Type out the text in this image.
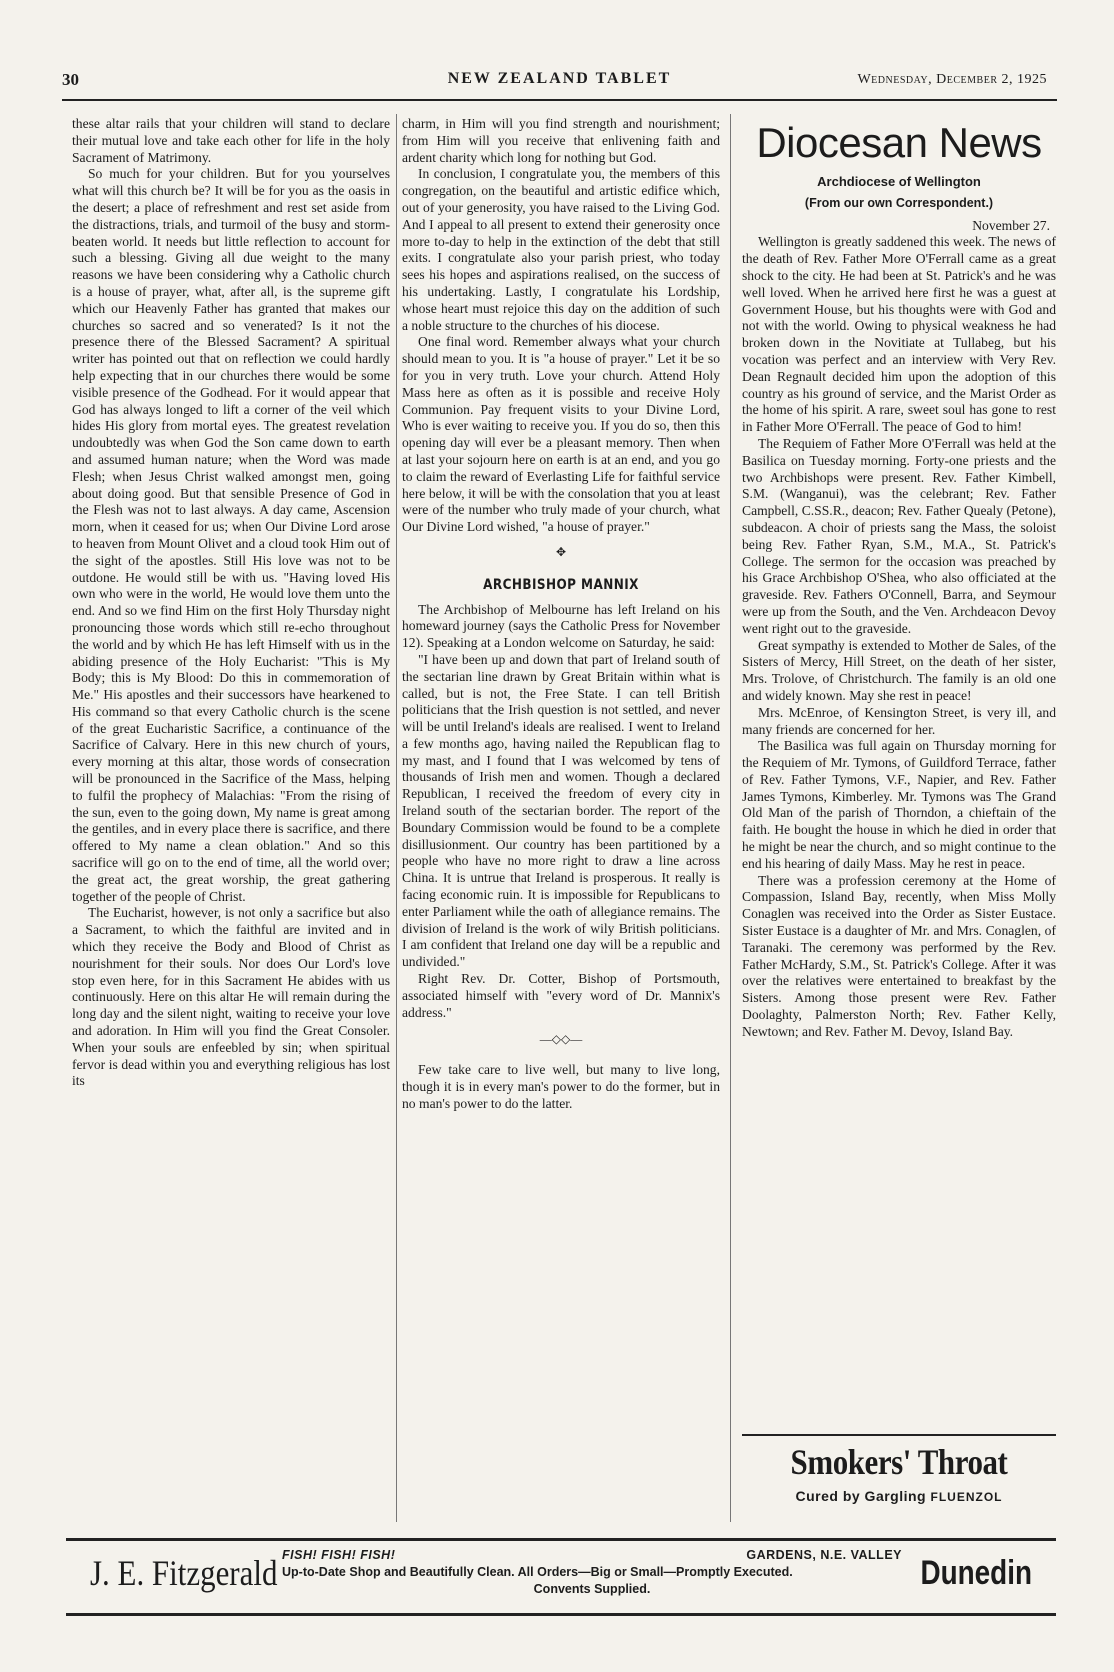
30	NEW ZEALAND TABLET	Wednesday, December 2, 1925

these altar rails that your children will stand to declare their mutual love and take each other for life in the holy Sacrament of Matrimony.

So much for your children. But for you yourselves what will this church be? It will be for you as the oasis in the desert; a place of refreshment and rest set aside from the distractions, trials, and turmoil of the busy and storm-beaten world. It needs but little reflection to account for such a blessing. Giving all due weight to the many reasons we have been considering why a Catholic church is a house of prayer, what, after all, is the supreme gift which our Heavenly Father has granted that makes our churches so sacred and so venerated? Is it not the presence there of the Blessed Sacrament? A spiritual writer has pointed out that on reflection we could hardly help expecting that in our churches there would be some visible presence of the Godhead. For it would appear that God has always longed to lift a corner of the veil which hides His glory from mortal eyes. The greatest revelation undoubtedly was when God the Son came down to earth and assumed human nature; when the Word was made Flesh; when Jesus Christ walked amongst men, going about doing good. But that sensible Presence of God in the Flesh was not to last always. A day came, Ascension morn, when it ceased for us; when Our Divine Lord arose to heaven from Mount Olivet and a cloud took Him out of the sight of the apostles. Still His love was not to be outdone. He would still be with us. "Having loved His own who were in the world, He would love them unto the end. And so we find Him on the first Holy Thursday night pronouncing those words which still re-echo throughout the world and by which He has left Himself with us in the abiding presence of the Holy Eucharist: "This is My Body; this is My Blood: Do this in commemoration of Me." His apostles and their successors have hearkened to His command so that every Catholic church is the scene of the great Eucharistic Sacrifice, a continuance of the Sacrifice of Calvary. Here in this new church of yours, every morning at this altar, those words of consecration will be pronounced in the Sacrifice of the Mass, helping to fulfil the prophecy of Malachias: "From the rising of the sun, even to the going down, My name is great among the gentiles, and in every place there is sacrifice, and there offered to My name a clean oblation." And so this sacrifice will go on to the end of time, all the world over; the great act, the great worship, the great gathering together of the people of Christ.

The Eucharist, however, is not only a sacrifice but also a Sacrament, to which the faithful are invited and in which they receive the Body and Blood of Christ as nourishment for their souls. Nor does Our Lord's love stop even here, for in this Sacrament He abides with us continuously. Here on this altar He will remain during the long day and the silent night, waiting to receive your love and adoration. In Him will you find the Great Consoler. When your souls are enfeebled by sin; when spiritual fervor is dead within you and everything religious has lost its

charm, in Him will you find strength and nourishment; from Him will you receive that enlivening faith and ardent charity which long for nothing but God.

In conclusion, I congratulate you, the members of this congregation, on the beautiful and artistic edifice which, out of your generosity, you have raised to the Living God. And I appeal to all present to extend their generosity once more to-day to help in the extinction of the debt that still exits. I congratulate also your parish priest, who today sees his hopes and aspirations realised, on the success of his undertaking. Lastly, I congratulate his Lordship, whose heart must rejoice this day on the addition of such a noble structure to the churches of his diocese.

One final word. Remember always what your church should mean to you. It is "a house of prayer." Let it be so for you in very truth. Love your church. Attend Holy Mass here as often as it is possible and receive Holy Communion. Pay frequent visits to your Divine Lord, Who is ever waiting to receive you. If you do so, then this opening day will ever be a pleasant memory. Then when at last your sojourn here on earth is at an end, and you go to claim the reward of Everlasting Life for faithful service here below, it will be with the consolation that you at least were of the number who truly made of your church, what Our Divine Lord wished, "a house of prayer."

✥
ARCHBISHOP MANNIX

The Archbishop of Melbourne has left Ireland on his homeward journey (says the Catholic Press for November 12). Speaking at a London welcome on Saturday, he said:

"I have been up and down that part of Ireland south of the sectarian line drawn by Great Britain within what is called, but is not, the Free State. I can tell British politicians that the Irish question is not settled, and never will be until Ireland's ideals are realised. I went to Ireland a few months ago, having nailed the Republican flag to my mast, and I found that I was welcomed by tens of thousands of Irish men and women. Though a declared Republican, I received the freedom of every city in Ireland south of the sectarian border. The report of the Boundary Commission would be found to be a complete disillusionment. Our country has been partitioned by a people who have no more right to draw a line across China. It is untrue that Ireland is prosperous. It really is facing economic ruin. It is impossible for Republicans to enter Parliament while the oath of allegiance remains. The division of Ireland is the work of wily British politicians. I am confident that Ireland one day will be a republic and undivided."

Right Rev. Dr. Cotter, Bishop of Portsmouth, associated himself with "every word of Dr. Mannix's address."

—◇◇—

Few take care to live well, but many to live long, though it is in every man's power to do the former, but in no man's power to do the latter.

Diocesan News
Archdiocese of Wellington
(From our own Correspondent.)
November 27.

Wellington is greatly saddened this week. The news of the death of Rev. Father More O'Ferrall came as a great shock to the city. He had been at St. Patrick's and he was well loved. When he arrived here first he was a guest at Government House, but his thoughts were with God and not with the world. Owing to physical weakness he had broken down in the Novitiate at Tullabeg, but his vocation was perfect and an interview with Very Rev. Dean Regnault decided him upon the adoption of this country as his ground of service, and the Marist Order as the home of his spirit. A rare, sweet soul has gone to rest in Father More O'Ferrall. The peace of God to him!

The Requiem of Father More O'Ferrall was held at the Basilica on Tuesday morning. Forty-one priests and the two Archbishops were present. Rev. Father Kimbell, S.M. (Wanganui), was the celebrant; Rev. Father Campbell, C.SS.R., deacon; Rev. Father Quealy (Petone), subdeacon. A choir of priests sang the Mass, the soloist being Rev. Father Ryan, S.M., M.A., St. Patrick's College. The sermon for the occasion was preached by his Grace Archbishop O'Shea, who also officiated at the graveside. Rev. Fathers O'Connell, Barra, and Seymour were up from the South, and the Ven. Archdeacon Devoy went right out to the graveside.

Great sympathy is extended to Mother de Sales, of the Sisters of Mercy, Hill Street, on the death of her sister, Mrs. Trolove, of Christchurch. The family is an old one and widely known. May she rest in peace!

Mrs. McEnroe, of Kensington Street, is very ill, and many friends are concerned for her.

The Basilica was full again on Thursday morning for the Requiem of Mr. Tymons, of Guildford Terrace, father of Rev. Father Tymons, V.F., Napier, and Rev. Father James Tymons, Kimberley. Mr. Tymons was The Grand Old Man of the parish of Thorndon, a chieftain of the faith. He bought the house in which he died in order that he might be near the church, and so might continue to the end his hearing of daily Mass. May he rest in peace.

There was a profession ceremony at the Home of Compassion, Island Bay, recently, when Miss Molly Conaglen was received into the Order as Sister Eustace. Sister Eustace is a daughter of Mr. and Mrs. Conaglen, of Taranaki. The ceremony was performed by the Rev. Father McHardy, S.M., St. Patrick's College. After it was over the relatives were entertained to breakfast by the Sisters. Among those present were Rev. Father Doolaghty, Palmerston North; Rev. Father Kelly, Newtown; and Rev. Father M. Devoy, Island Bay.

Smokers' Throat
Cured by Gargling FLUENZOL
J. E. Fitzgerald FISH! FISH! FISH!	GARDENS, N.E. VALLEY
Up-to-Date Shop and Beautifully Clean. All Orders—Big or Small—Promptly Executed.
Convents Supplied.	Dunedin
